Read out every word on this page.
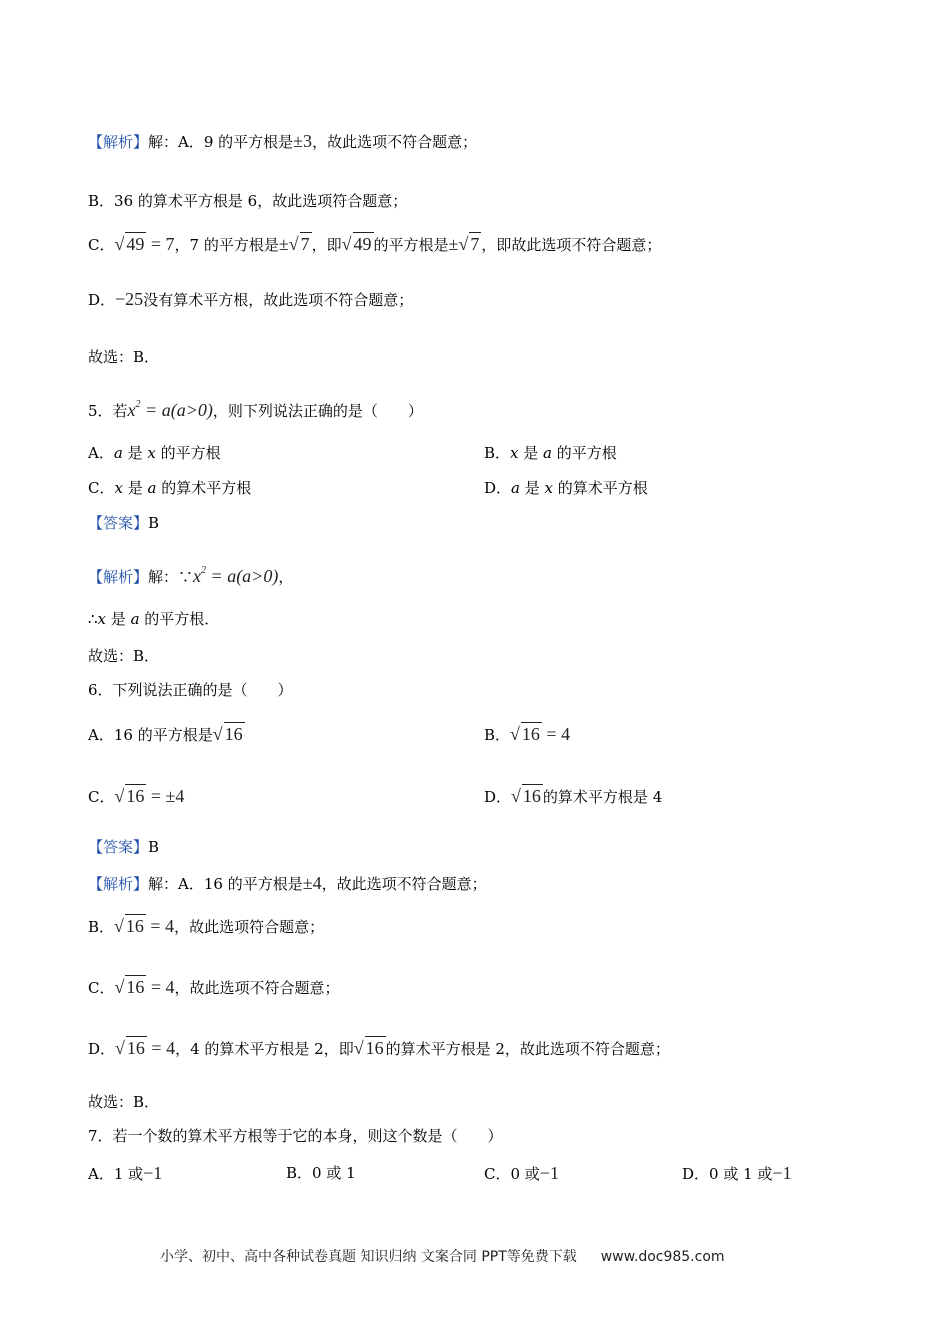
【解析】解：A．9 的平方根是±3，故此选项不符合题意；
B．36 的算术平方根是 6，故此选项符合题意；
C．√ 49 = 7，7 的平方根是±√ 7 ，即√ 49 的平方根是±√ 7 ，即故此选项不符合题意；
D．−25没有算术平方根，故此选项不符合题意；
故选：B．
5．若$x^2 = a(a>0)$，则下列说法正确的是（　　）
A．a 是 x 的平方根	B．x 是 a 的平方根
C．x 是 a 的算术平方根	D．a 是 x 的算术平方根
【答案】B
【解析】解：$\because x^2 = a(a>0)$，
∴x 是 a 的平方根．
故选：B．
6．下列说法正确的是（　　）
A．16 的平方根是√ 16	B．√ 16 = 4
C．√ 16 = ±4	D．√ 16 的算术平方根是 4
【答案】B
【解析】解：A．16 的平方根是±4，故此选项不符合题意；
B．√ 16 = 4，故此选项符合题意；
C．√ 16 = 4，故此选项不符合题意；
D．√ 16 = 4，4 的算术平方根是 2，即√ 16 的算术平方根是 2，故此选项不符合题意；
故选：B．
7．若一个数的算术平方根等于它的本身，则这个数是（　　）
A．1 或−1	B．0 或 1	C．0 或−1	D．0 或 1 或−1
小学、初中、高中各种试卷真题 知识归纳 文案合同 PPT等免费下载 www.doc985.com
